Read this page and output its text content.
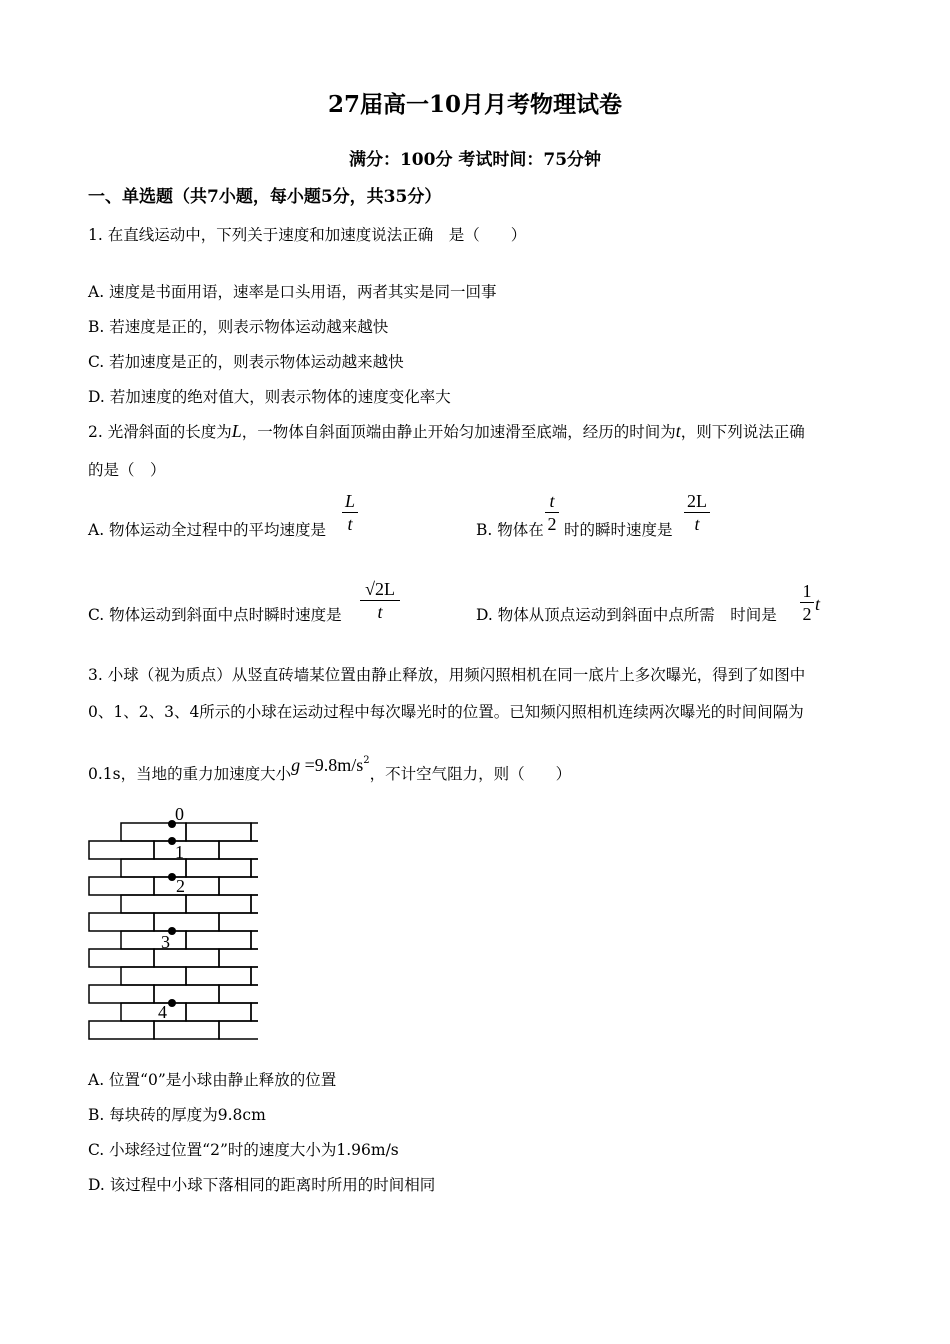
27届高一10月月考物理试卷
满分：100分 考试时间：75分钟
一、单选题（共7小题，每小题5分，共35分）
1. 在直线运动中，下列关于速度和加速度说法正确　是（　　）
A. 速度是书面用语，速率是口头用语，两者其实是同一回事
B. 若速度是正的，则表示物体运动越来越快
C. 若加速度是正的，则表示物体运动越来越快
D. 若加速度的绝对值大，则表示物体的速度变化率大
2. 光滑斜面的长度为L，一物体自斜面顶端由静止开始匀加速滑至底端，经历的时间为t，则下列说法正确
的是（　）
A. 物体运动全过程中的平均速度是
L
t	B. 物体在
t
2 时的瞬时速度是
2L
t
C. 物体运动到斜面中点时瞬时速度是
√2L
t	D. 物体从顶点运动到斜面中点所需　时间是
1
2 t
3. 小球（视为质点）从竖直砖墙某位置由静止释放，用频闪照相机在同一底片上多次曝光，得到了如图中
0、1、2、3、4所示的小球在运动过程中每次曝光时的位置。已知频闪照相机连续两次曝光的时间间隔为
0.1s，当地的重力加速度大小$g =9.8m/s^2$，不计空气阻力，则（　　）
0
1
2
3
4
A. 位置“0”是小球由静止释放的位置
B. 每块砖的厚度为9.8cm
C. 小球经过位置“2”时的速度大小为1.96m/s
D. 该过程中小球下落相同的距离时所用的时间相同
